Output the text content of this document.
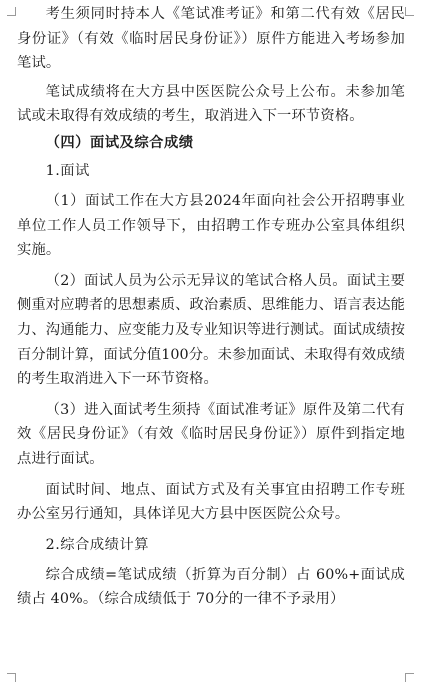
考生须同时持本人《笔试准考证》和第二代有效《居民身份证》（有效《临时居民身份证》）原件方能进入考场参加笔试。

笔试成绩将在大方县中医医院公众号上公布。未参加笔试或未取得有效成绩的考生，取消进入下一环节资格。

（四）面试及综合成绩

1.面试

（1）面试工作在大方县2024年面向社会公开招聘事业单位工作人员工作领导下，由招聘工作专班办公室具体组织实施。

（2）面试人员为公示无异议的笔试合格人员。面试主要侧重对应聘者的思想素质、政治素质、思维能力、语言表达能力、沟通能力、应变能力及专业知识等进行测试。面试成绩按百分制计算，面试分值100分。未参加面试、未取得有效成绩的考生取消进入下一环节资格。

（3）进入面试考生须持《面试准考证》原件及第二代有效《居民身份证》（有效《临时居民身份证》）原件到指定地点进行面试。

面试时间、地点、面试方式及有关事宜由招聘工作专班办公室另行通知，具体详见大方县中医医院公众号。

2.综合成绩计算

综合成绩=笔试成绩（折算为百分制）占 60%+面试成绩占 40%。（综合成绩低于 70分的一律不予录用）
